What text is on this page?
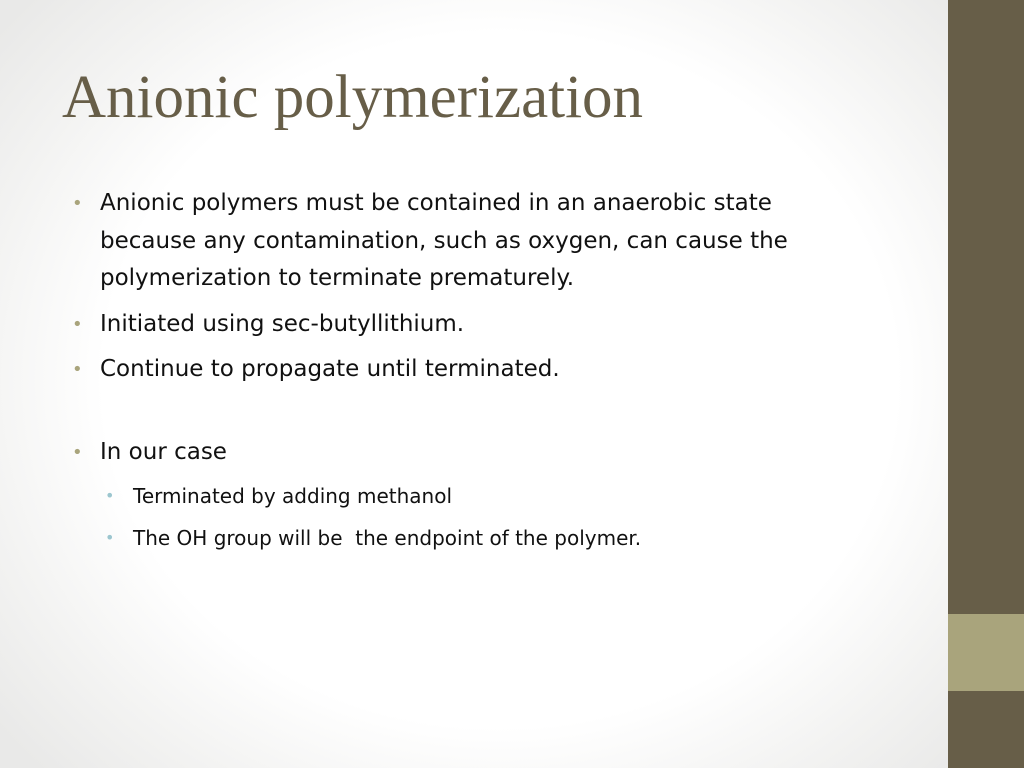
Anionic polymerization
• Anionic polymers must be contained in an anaerobic state because any contamination, such as oxygen, can cause the polymerization to terminate prematurely.
• Initiated using sec-butyllithium.
• Continue to propagate until terminated.
• In our case
• Terminated by adding methanol
• The OH group will be  the endpoint of the polymer.
